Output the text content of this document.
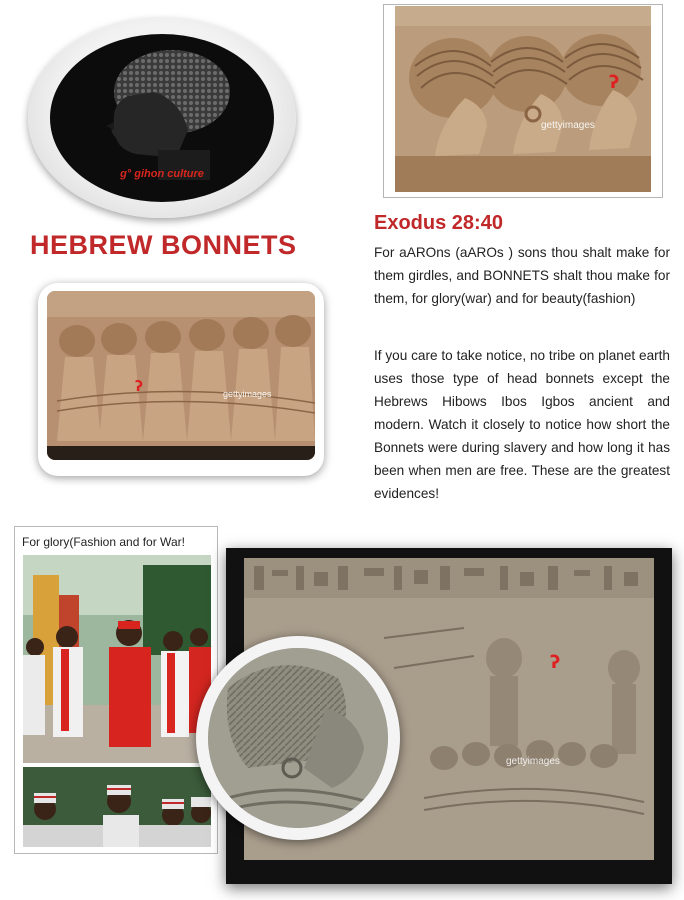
g° gihon culture
HEBREW BONNETS
ʔ
gettyimages
Exodus 28:40
For aAROns (aAROs ) sons thou shalt make for them girdles, and BONNETS shalt thou make for them, for glory(war) and for beauty(fashion)
If you care to take notice, no tribe on planet earth uses those type of head bonnets except the Hebrews Hibows Ibos Igbos ancient and modern. Watch it closely to notice how short the Bonnets were during slavery and how long it has been when men are free. These are the greatest evidences!
ʔ	gettyimages
For glory(Fashion and for War!
ʔ
gettyimages
